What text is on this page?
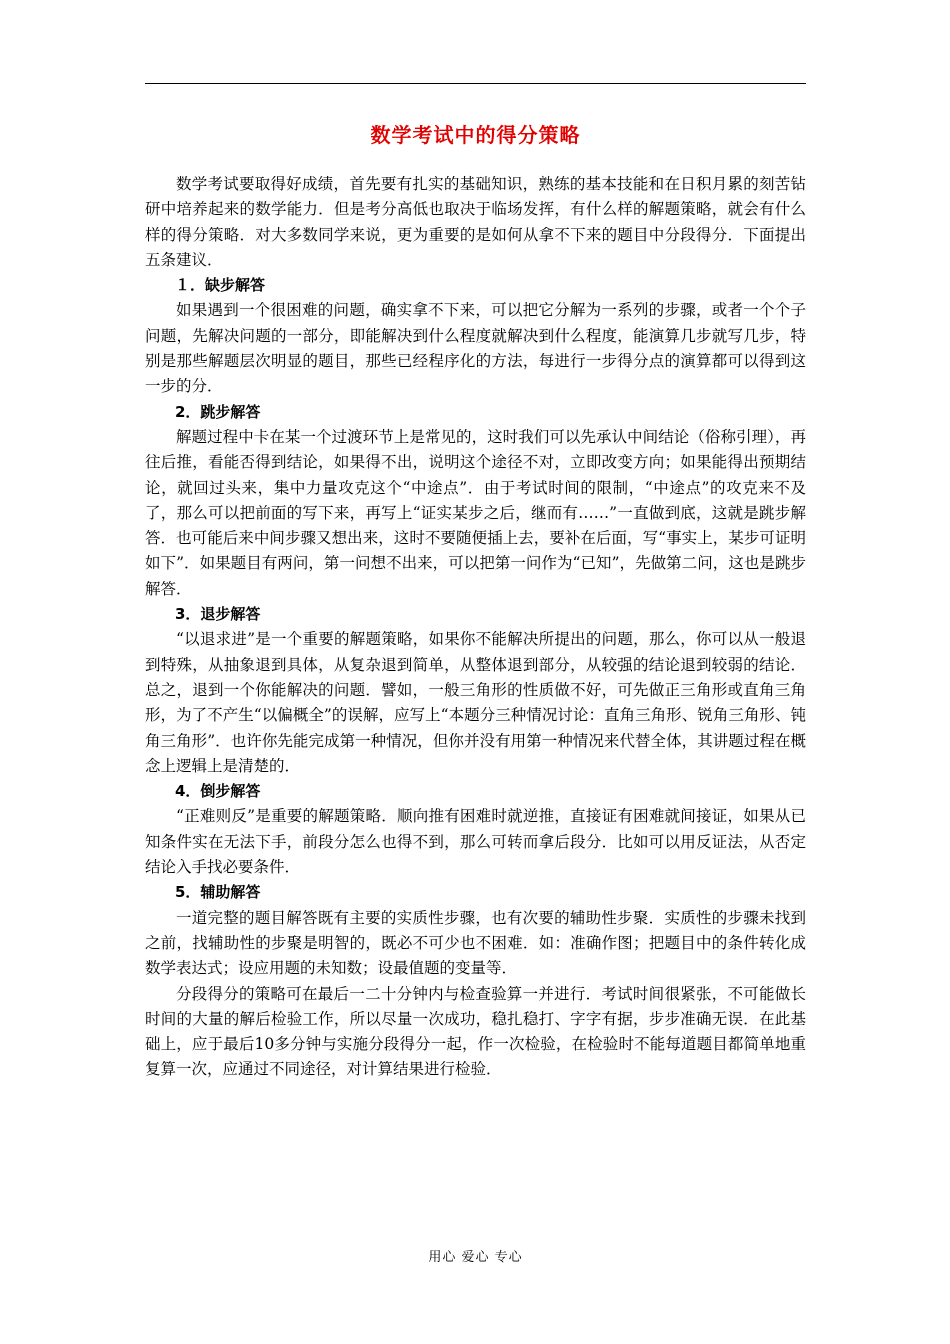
数学考试中的得分策略

数学考试要取得好成绩，首先要有扎实的基础知识，熟练的基本技能和在日积月累的刻苦钻研中培养起来的数学能力．但是考分高低也取决于临场发挥，有什么样的解题策略，就会有什么样的得分策略．对大多数同学来说，更为重要的是如何从拿不下来的题目中分段得分．下面提出五条建议．

１．缺步解答

如果遇到一个很困难的问题，确实拿不下来，可以把它分解为一系列的步骤，或者一个个子问题，先解决问题的一部分，即能解决到什么程度就解决到什么程度，能演算几步就写几步，特别是那些解题层次明显的题目，那些已经程序化的方法，每进行一步得分点的演算都可以得到这一步的分．

2．跳步解答

解题过程中卡在某一个过渡环节上是常见的，这时我们可以先承认中间结论（俗称引理），再往后推，看能否得到结论，如果得不出，说明这个途径不对，立即改变方向；如果能得出预期结论，就回过头来，集中力量攻克这个“中途点”．由于考试时间的限制，“中途点”的攻克来不及了，那么可以把前面的写下来，再写上“证实某步之后，继而有……”一直做到底，这就是跳步解答．也可能后来中间步骤又想出来，这时不要随便插上去，要补在后面，写“事实上，某步可证明如下”．如果题目有两问，第一问想不出来，可以把第一问作为“已知”，先做第二问，这也是跳步解答．

3．退步解答

“以退求进”是一个重要的解题策略，如果你不能解决所提出的问题，那么，你可以从一般退到特殊，从抽象退到具体，从复杂退到简单，从整体退到部分，从较强的结论退到较弱的结论．总之，退到一个你能解决的问题．譬如，一般三角形的性质做不好，可先做正三角形或直角三角形，为了不产生“以偏概全”的误解，应写上“本题分三种情况讨论：直角三角形、锐角三角形、钝角三角形”．也许你先能完成第一种情况，但你并没有用第一种情况来代替全体，其讲题过程在概念上逻辑上是清楚的．

4．倒步解答

“正难则反”是重要的解题策略．顺向推有困难时就逆推，直接证有困难就间接证，如果从已知条件实在无法下手，前段分怎么也得不到，那么可转而拿后段分．比如可以用反证法，从否定结论入手找必要条件．

5．辅助解答

一道完整的题目解答既有主要的实质性步骤，也有次要的辅助性步聚．实质性的步骤未找到之前，找辅助性的步聚是明智的，既必不可少也不困难．如：准确作图；把题目中的条件转化成数学表达式；设应用题的未知数；设最值题的变量等．

分段得分的策略可在最后一二十分钟内与检查验算一并进行．考试时间很紧张，不可能做长时间的大量的解后检验工作，所以尽量一次成功，稳扎稳打、字字有据，步步准确无误．在此基础上，应于最后10多分钟与实施分段得分一起，作一次检验，在检验时不能每道题目都简单地重复算一次，应通过不同途径，对计算结果进行检验．

用心 爱心 专心
